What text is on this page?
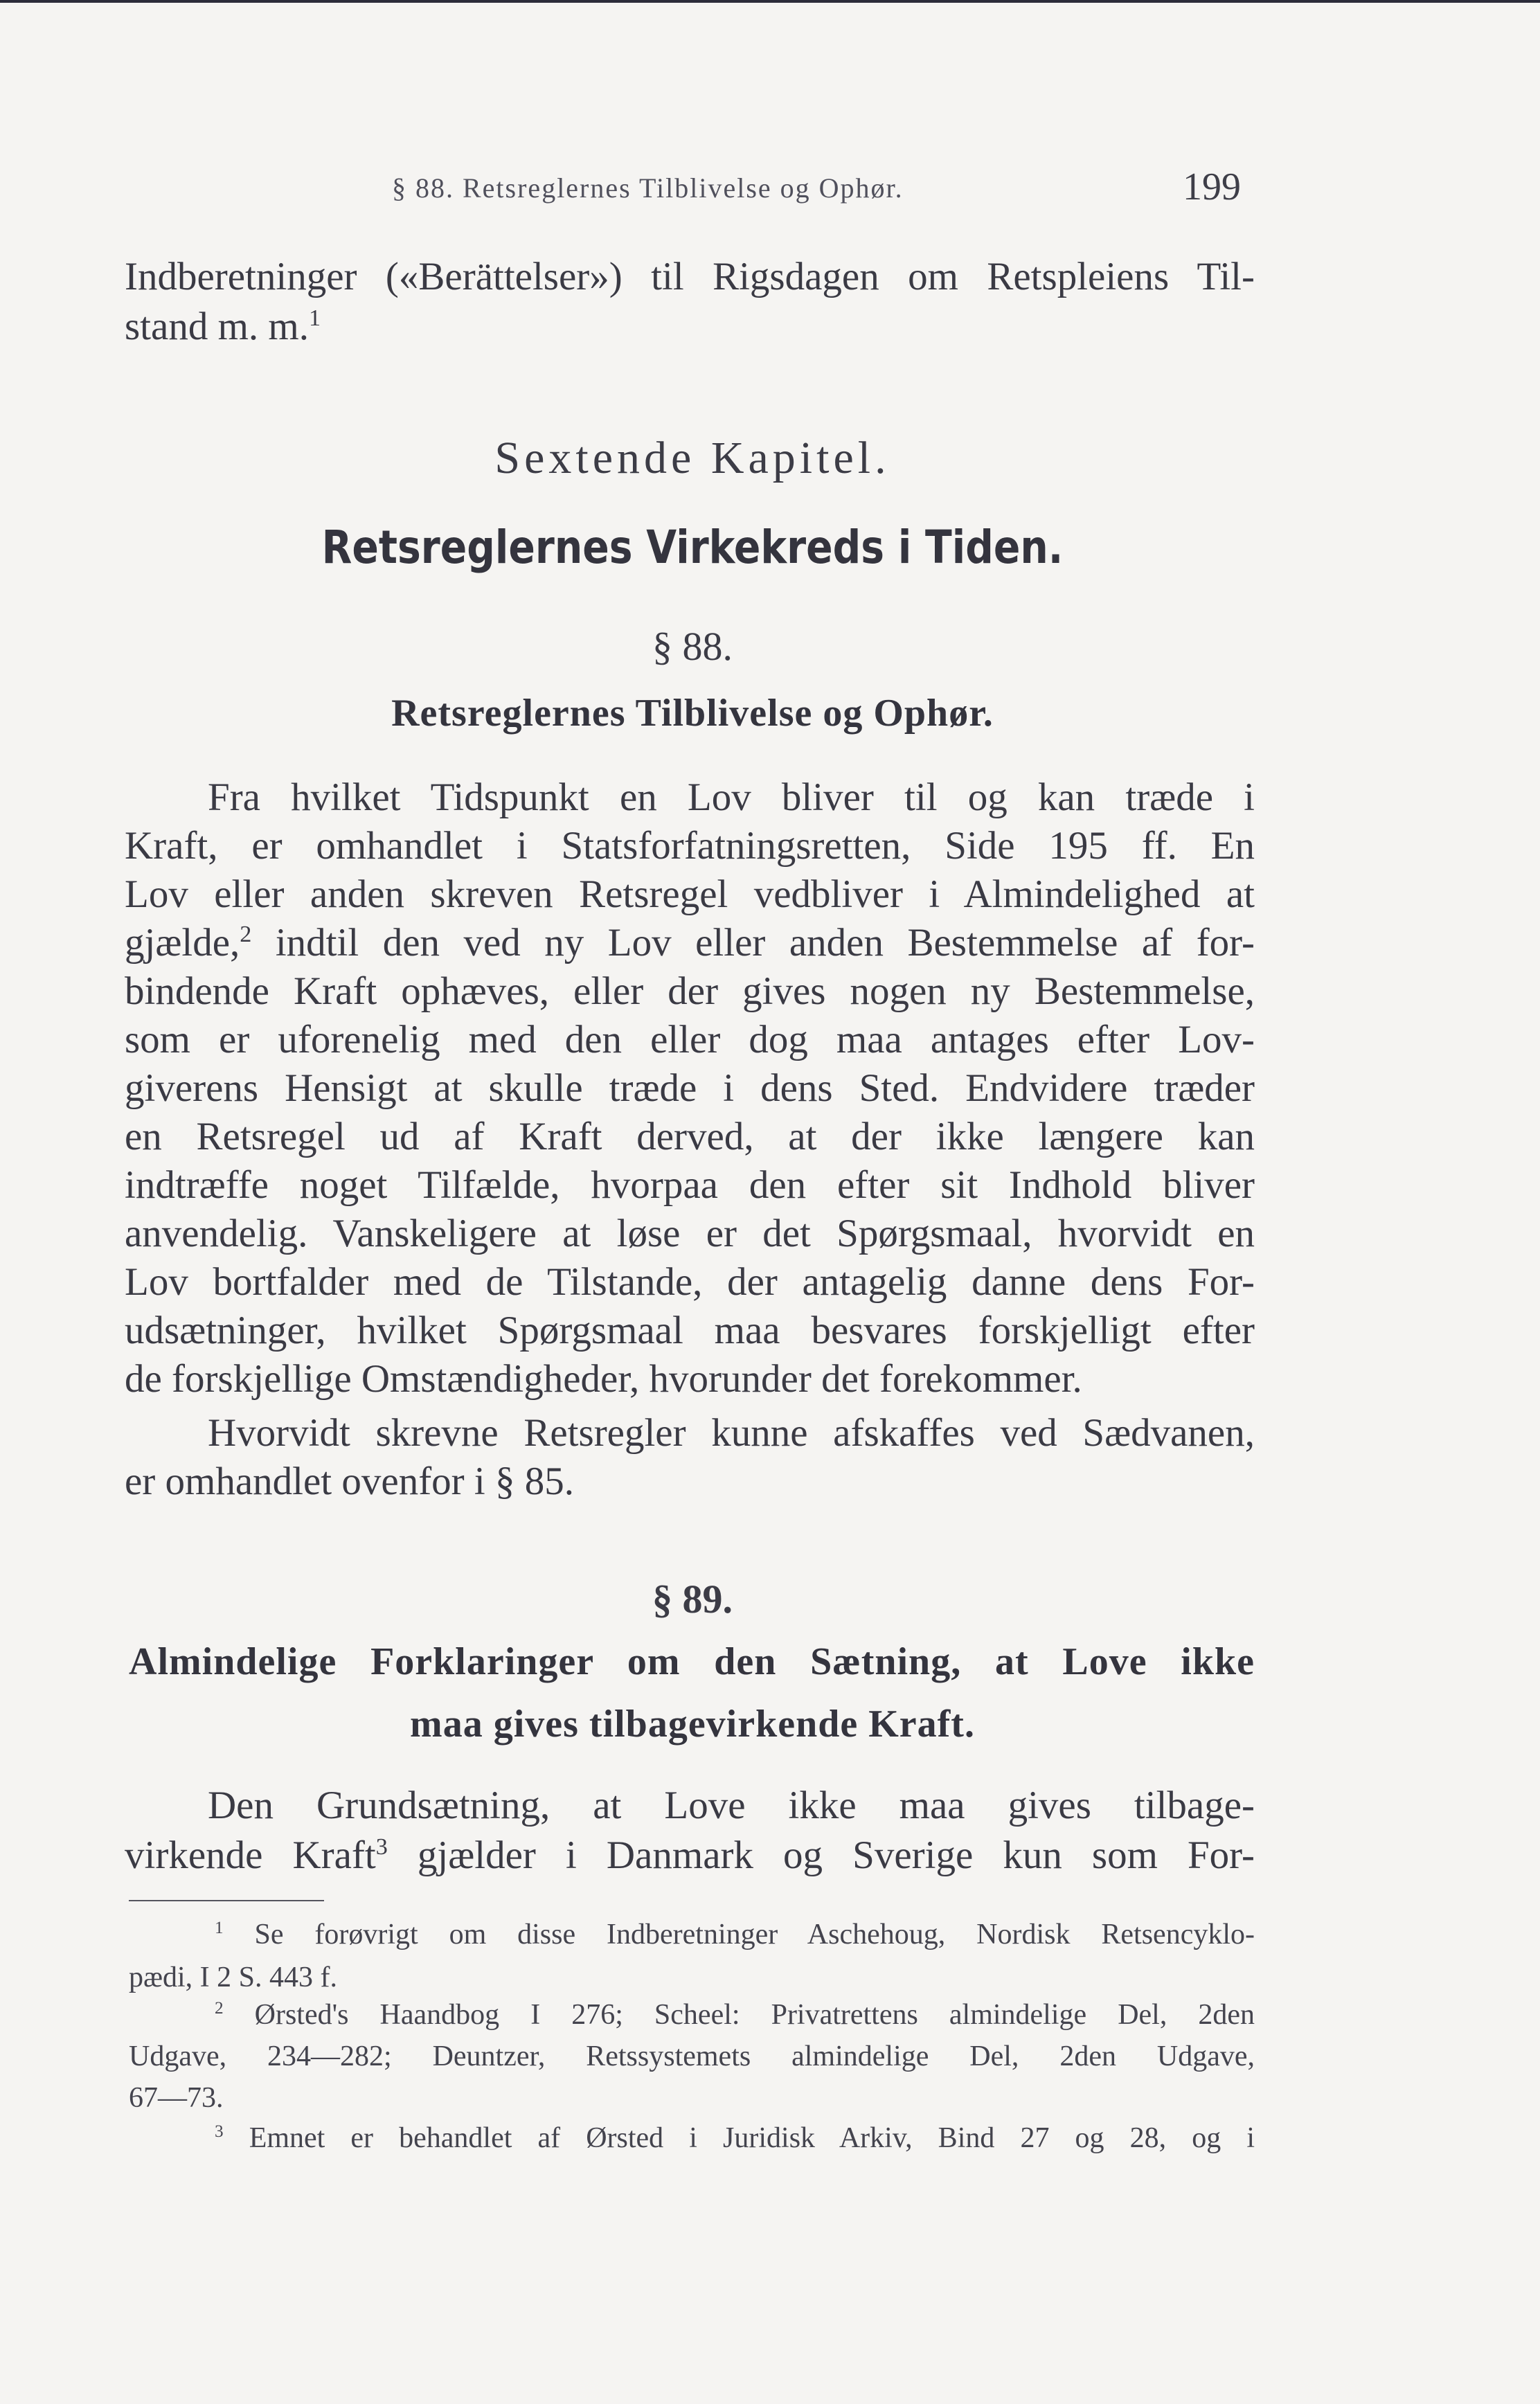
§ 88. Retsreglernes Tilblivelse og Ophør.	199
Indberetninger («Berättelser») til Rigsdagen om Retspleiens Til-
stand m. m.$^1$
Sextende Kapitel.
Retsreglernes Virkekreds i Tiden.
§ 88.
Retsreglernes Tilblivelse og Ophør.
Fra hvilket Tidspunkt en Lov bliver til og kan træde i
Kraft, er omhandlet i Statsforfatningsretten, Side 195 ff. En
Lov eller anden skreven Retsregel vedbliver i Almindelighed at
gjælde,$^2$ indtil den ved ny Lov eller anden Bestemmelse af for-
bindende Kraft ophæves, eller der gives nogen ny Bestemmelse,
som er uforenelig med den eller dog maa antages efter Lov-
giverens Hensigt at skulle træde i dens Sted. Endvidere træder
en Retsregel ud af Kraft derved, at der ikke længere kan
indtræffe noget Tilfælde, hvorpaa den efter sit Indhold bliver
anvendelig. Vanskeligere at løse er det Spørgsmaal, hvorvidt en
Lov bortfalder med de Tilstande, der antagelig danne dens For-
udsætninger, hvilket Spørgsmaal maa besvares forskjelligt efter
de forskjellige Omstændigheder, hvorunder det forekommer.
Hvorvidt skrevne Retsregler kunne afskaffes ved Sædvanen,
er omhandlet ovenfor i § 85.
§ 89.
Almindelige Forklaringer om den Sætning, at Love ikke
maa gives tilbagevirkende Kraft.
Den Grundsætning, at Love ikke maa gives tilbage-
virkende Kraft$^3$ gjælder i Danmark og Sverige kun som For-
$^1$ Se forøvrigt om disse Indberetninger Aschehoug, Nordisk Retsencyklo-
pædi, I 2 S. 443 f.
$^2$ Ørsted's Haandbog I 276; Scheel: Privatrettens almindelige Del, 2den
Udgave, 234—282; Deuntzer, Retssystemets almindelige Del, 2den Udgave,
67—73.
$^3$ Emnet er behandlet af Ørsted i Juridisk Arkiv, Bind 27 og 28, og i
